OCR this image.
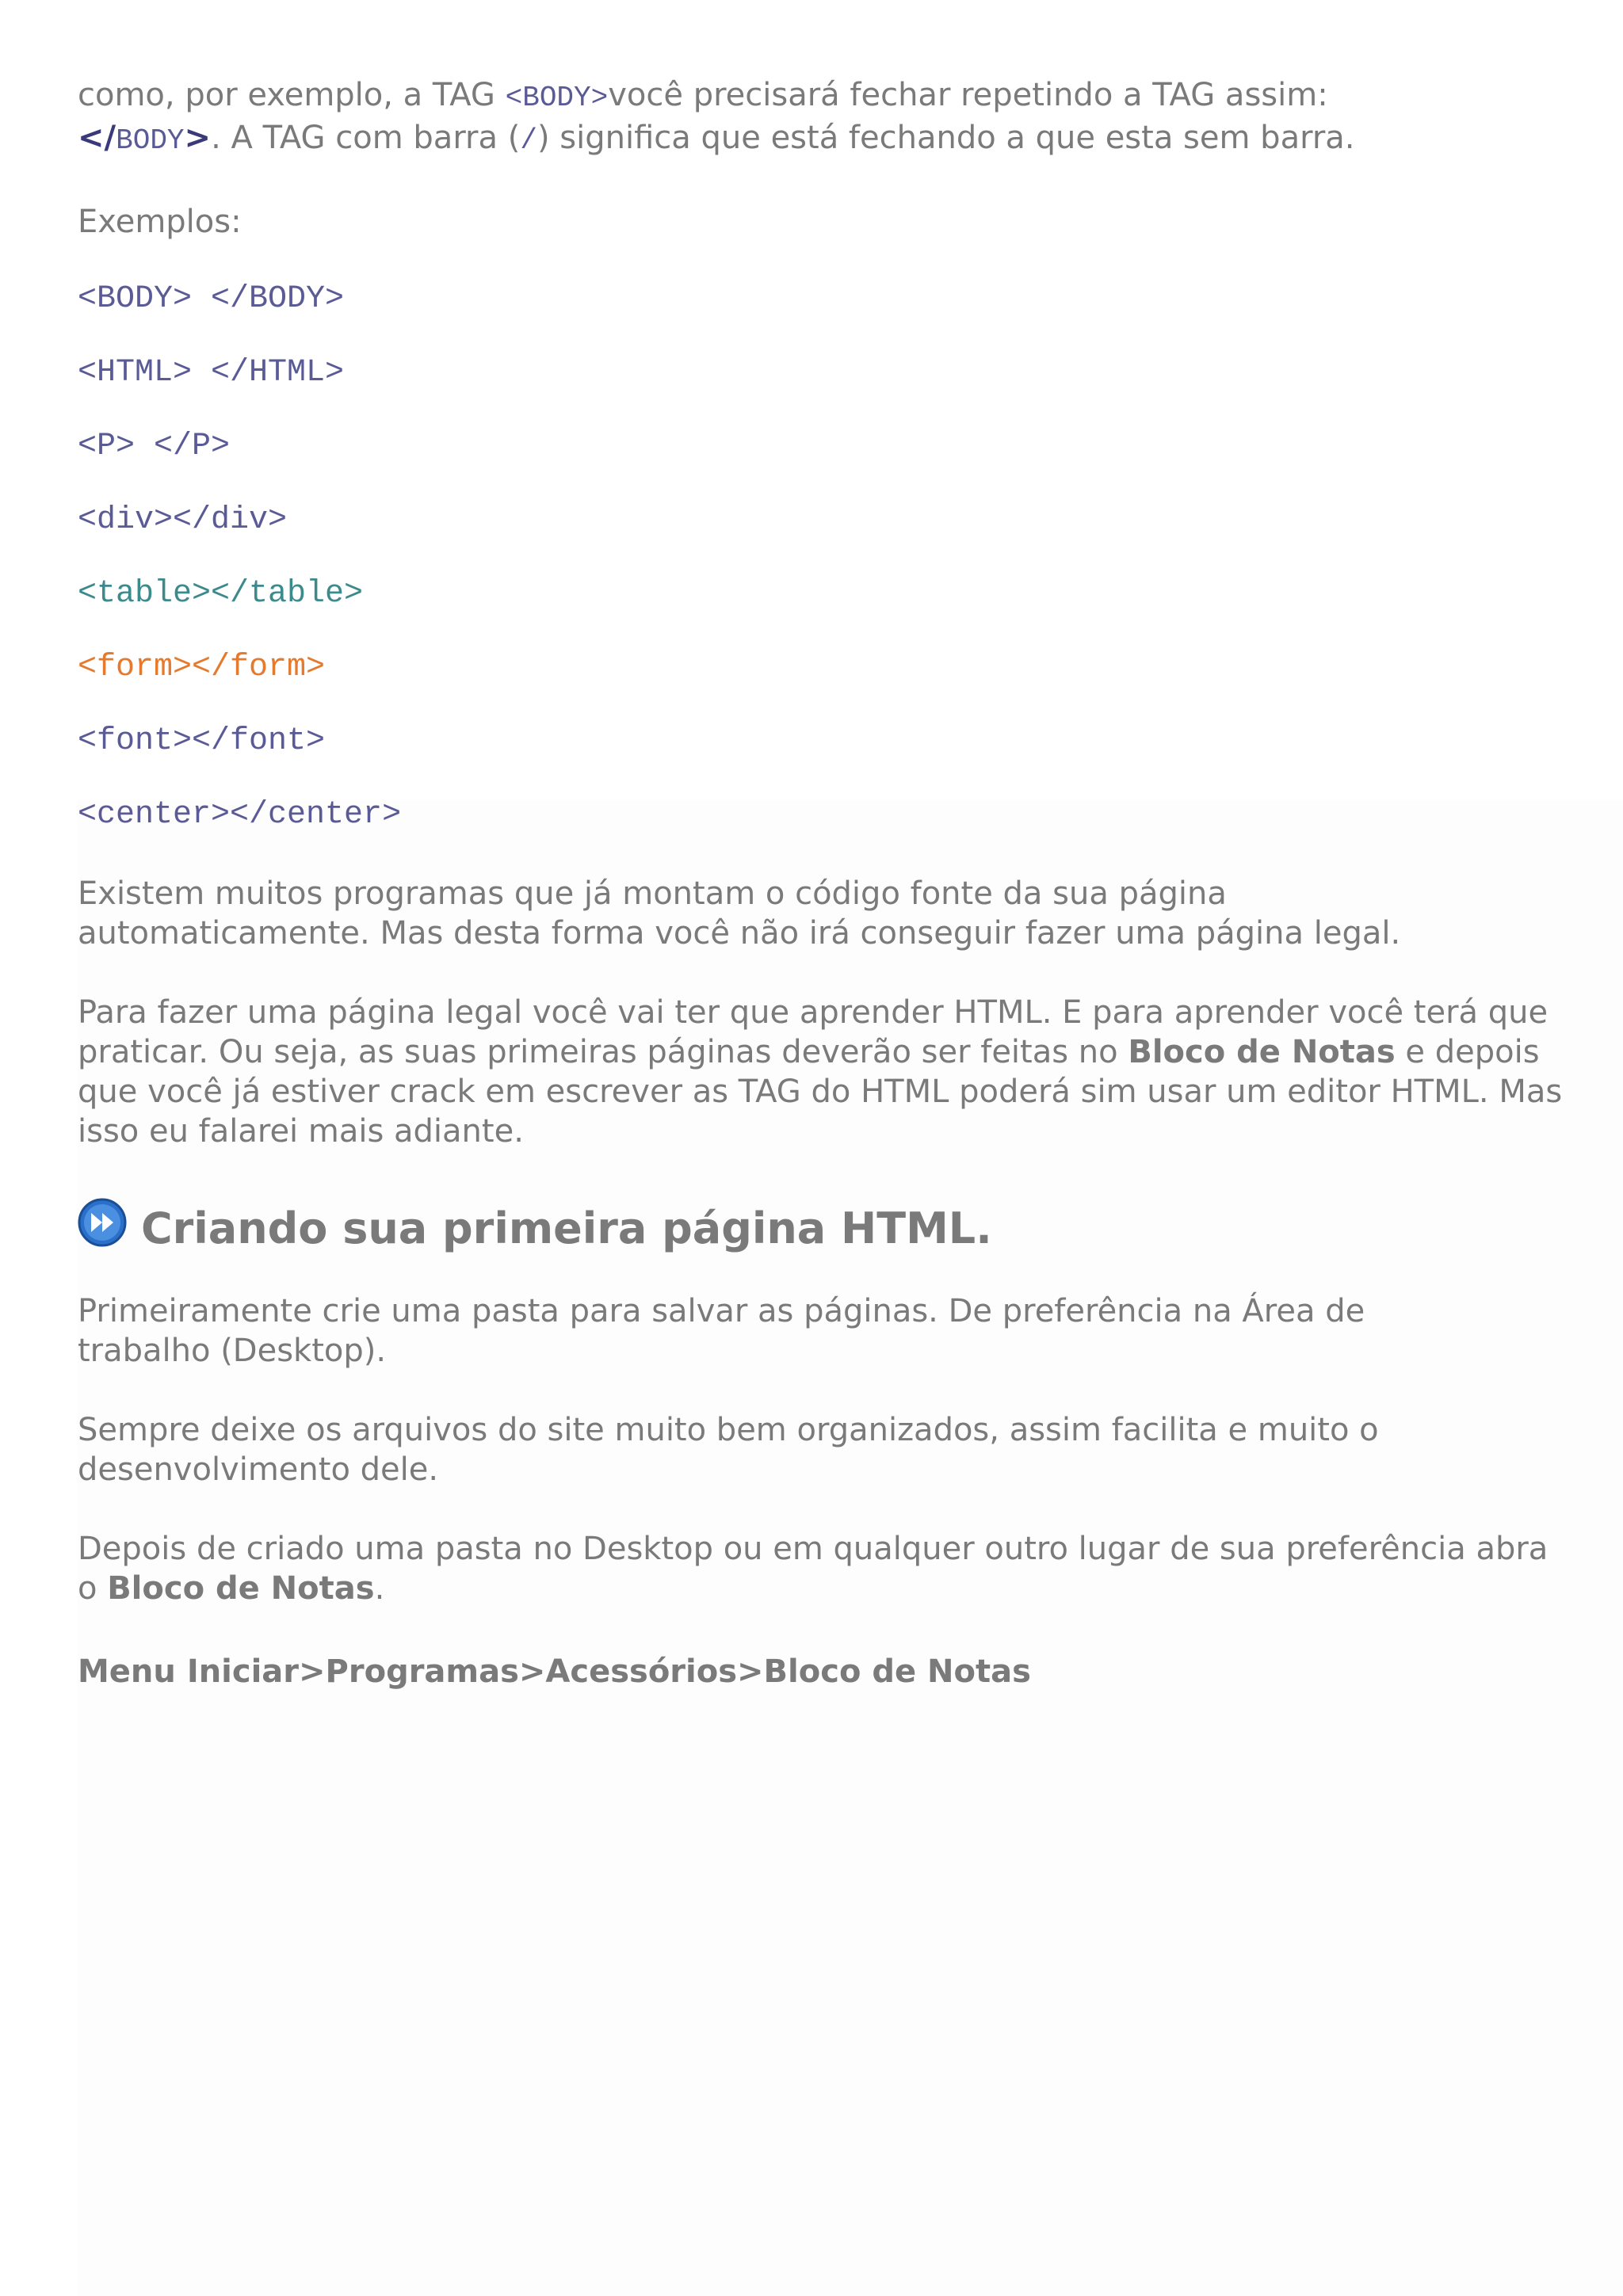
como, por exemplo, a TAG <BODY>você precisará fechar repetindo a TAG assim:
</BODY>. A TAG com barra (/) significa que está fechando a que esta sem barra.
Exemplos:
<BODY> </BODY>
<HTML> </HTML>
<P> </P>
<div></div>
<table></table>
<form></form>
<font></font>
<center></center>
Existem muitos programas que já montam o código fonte da sua página automaticamente. Mas desta forma você não irá conseguir fazer uma página legal.
Para fazer uma página legal você vai ter que aprender HTML. E para aprender você terá que praticar. Ou seja, as suas primeiras páginas deverão ser feitas no Bloco de Notas e depois que você já estiver crack em escrever as TAG do HTML poderá sim usar um editor HTML. Mas isso eu falarei mais adiante.
Criando sua primeira página HTML.
Primeiramente crie uma pasta para salvar as páginas. De preferência na Área de trabalho (Desktop).
Sempre deixe os arquivos do site muito bem organizados, assim facilita e muito o desenvolvimento dele.
Depois de criado uma pasta no Desktop ou em qualquer outro lugar de sua preferência abra o Bloco de Notas.
Menu Iniciar>Programas>Acessórios>Bloco de Notas
